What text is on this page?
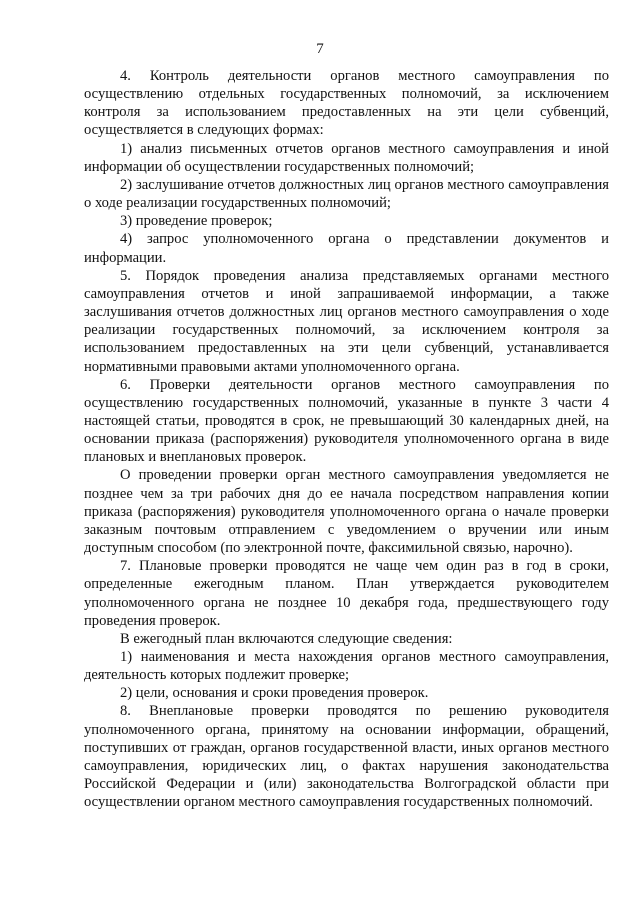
7

4. Контроль деятельности органов местного самоуправления по осуществлению отдельных государственных полномочий, за исключением контроля за использованием предоставленных на эти цели субвенций, осуществляется в следующих формах:

1) анализ письменных отчетов органов местного самоуправления и иной информации об осуществлении государственных полномочий;

2) заслушивание отчетов должностных лиц органов местного самоуправления о ходе реализации государственных полномочий;

3) проведение проверок;

4) запрос уполномоченного органа о представлении документов и информации.

5. Порядок проведения анализа представляемых органами местного самоуправления отчетов и иной запрашиваемой информации, а также заслушивания отчетов должностных лиц органов местного самоуправления о ходе реализации государственных полномочий, за исключением контроля за использованием предоставленных на эти цели субвенций, устанавливается нормативными правовыми актами уполномоченного органа.

6. Проверки деятельности органов местного самоуправления по осуществлению государственных полномочий, указанные в пункте 3 части 4 настоящей статьи, проводятся в срок, не превышающий 30 календарных дней, на основании приказа (распоряжения) руководителя уполномоченного органа в виде плановых и внеплановых проверок.

О проведении проверки орган местного самоуправления уведомляется не позднее чем за три рабочих дня до ее начала посредством направления копии приказа (распоряжения) руководителя уполномоченного органа о начале проверки заказным почтовым отправлением с уведомлением о вручении или иным доступным способом (по электронной почте, факсимильной связью, нарочно).

7. Плановые проверки проводятся не чаще чем один раз в год в сроки, определенные ежегодным планом. План утверждается руководителем уполномоченного органа не позднее 10 декабря года, предшествующего году проведения проверок.

В ежегодный план включаются следующие сведения:

1) наименования и места нахождения органов местного самоуправления, деятельность которых подлежит проверке;

2) цели, основания и сроки проведения проверок.

8. Внеплановые проверки проводятся по решению руководителя уполномоченного органа, принятому на основании информации, обращений, поступивших от граждан, органов государственной власти, иных органов местного самоуправления, юридических лиц, о фактах нарушения законодательства Российской Федерации и (или) законодательства Волгоградской области при осуществлении органом местного самоуправления государственных полномочий.
